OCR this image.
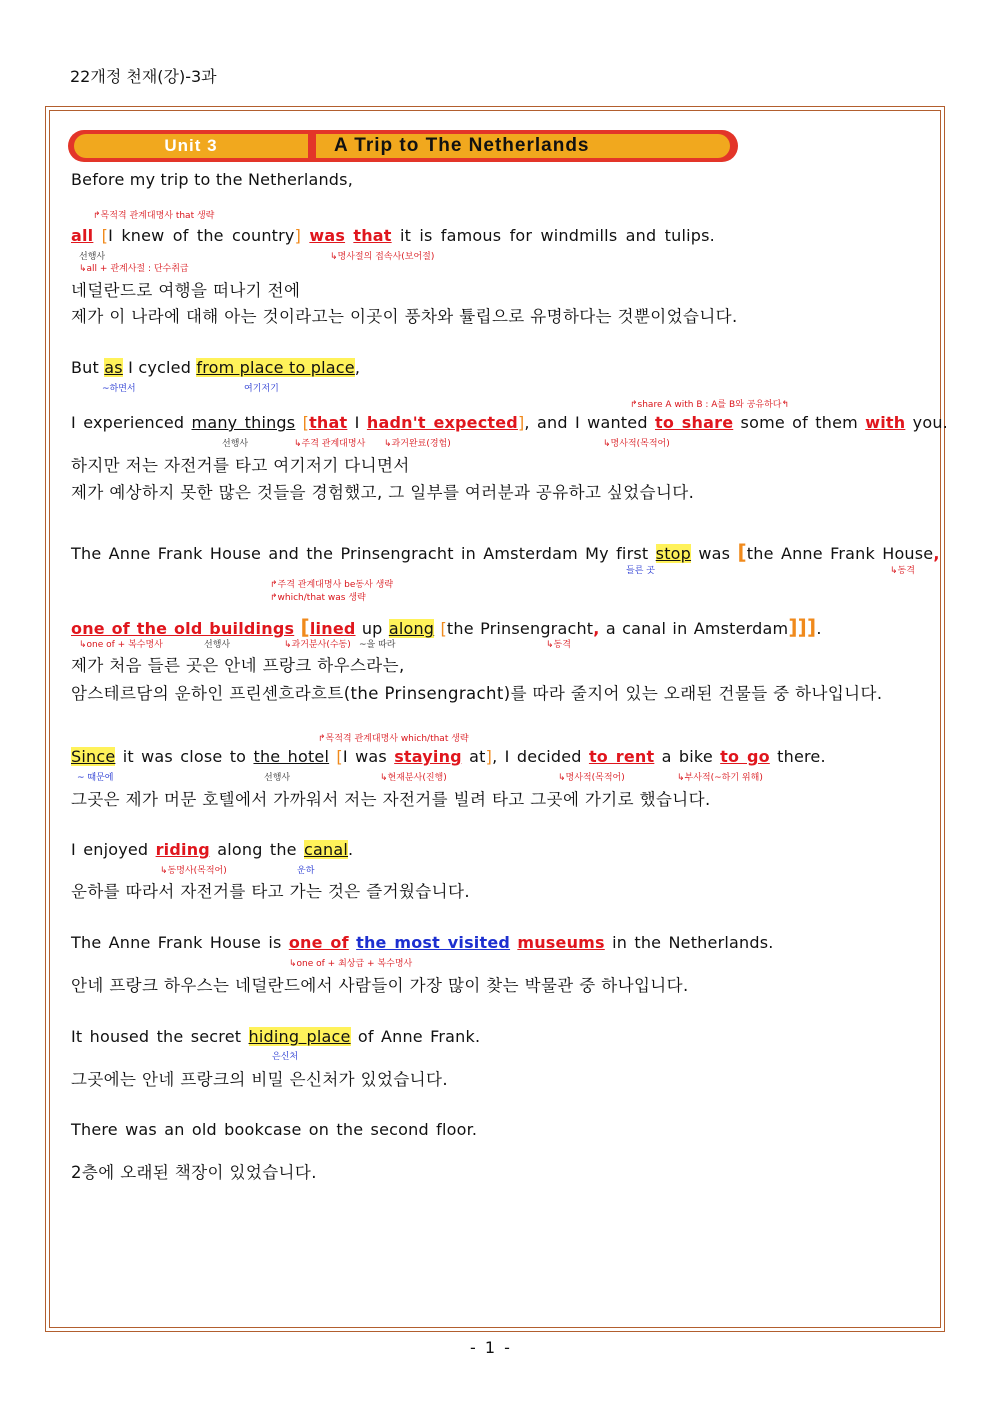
22개정 천재(강)-3과
Unit 3	A Trip to The Netherlands
Before my trip to the Netherlands,
↱목적격 관계대명사 that 생략
all [I knew of the country] was that it is famous for windmills and tulips.
선행사
↳all + 관계사절 : 단수취급
↳명사절의 접속사(보어절)
네덜란드로 여행을 떠나기 전에
제가 이 나라에 대해 아는 것이라고는 이곳이 풍차와 튤립으로 유명하다는 것뿐이었습니다.
But as I cycled from place to place,
~하면서	여기저기
↱share A with B : A를 B와 공유하다↰
I experienced many things [that I hadn't expected], and I wanted to share some of them with you.
선행사	↳주격 관계대명사 ↳과거완료(경험)	↳명사적(목적어)
하지만 저는 자전거를 타고 여기저기 다니면서
제가 예상하지 못한 많은 것들을 경험했고, 그 일부를 여러분과 공유하고 싶었습니다.
The Anne Frank House and the Prinsengracht in Amsterdam My first stop was [the Anne Frank House,
들른 곳	↳동격
↱주격 관계대명사 be동사 생략
↱which/that was 생략
one of the old buildings [lined up along [the Prinsengracht, a canal in Amsterdam]]].
↳one of + 복수명사	선행사	↳과거분사(수동) ~을 따라	↳동격
제가 처음 들른 곳은 안네 프랑크 하우스라는,
암스테르담의 운하인 프린센흐라흐트(the Prinsengracht)를 따라 줄지어 있는 오래된 건물들 중 하나입니다.
↱목적격 관계대명사 which/that 생략
Since it was close to the hotel [I was staying at], I decided to rent a bike to go there.
~ 때문에	선행사	↳현재분사(진행)	↳명사적(목적어)	↳부사적(~하기 위해)
그곳은 제가 머문 호텔에서 가까워서 저는 자전거를 빌려 타고 그곳에 가기로 했습니다.
I enjoyed riding along the canal.
↳동명사(목적어)	운하
운하를 따라서 자전거를 타고 가는 것은 즐거웠습니다.
The Anne Frank House is one of the most visited museums in the Netherlands.
↳one of + 최상급 + 복수명사
안네 프랑크 하우스는 네덜란드에서 사람들이 가장 많이 찾는 박물관 중 하나입니다.
It housed the secret hiding place of Anne Frank.
은신처
그곳에는 안네 프랑크의 비밀 은신처가 있었습니다.
There was an old bookcase on the second floor.
2층에 오래된 책장이 있었습니다.
- 1 -
